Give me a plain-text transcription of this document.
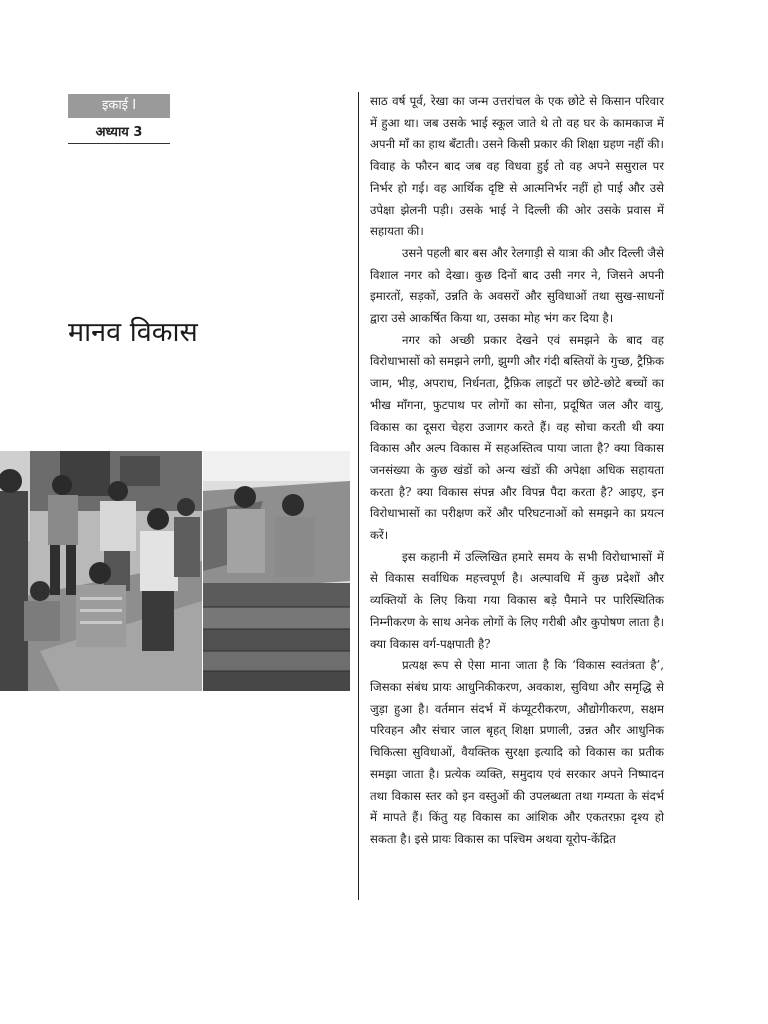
इकाई I
अध्याय 3
मानव विकास

साठ वर्ष पूर्व, रेखा का जन्म उत्तरांचल के एक छोटे से किसान परिवार में हुआ था। जब उसके भाई स्कूल जाते थे तो वह घर के कामकाज में अपनी माँ का हाथ बँटाती। उसने किसी प्रकार की शिक्षा ग्रहण नहीं की। विवाह के फौरन बाद जब वह विधवा हुई तो वह अपने ससुराल पर निर्भर हो गई। वह आर्थिक दृष्टि से आत्मनिर्भर नहीं हो पाई और उसे उपेक्षा झेलनी पड़ी। उसके भाई ने दिल्ली की ओर उसके प्रवास में सहायता की।

उसने पहली बार बस और रेलगाड़ी से यात्रा की और दिल्ली जैसे विशाल नगर को देखा। कुछ दिनों बाद उसी नगर ने, जिसने अपनी इमारतों, सड़कों, उन्नति के अवसरों और सुविधाओं तथा सुख-साधनों द्वारा उसे आकर्षित किया था, उसका मोह भंग कर दिया है।

नगर को अच्छी प्रकार देखने एवं समझने के बाद वह विरोधाभासों को समझने लगी, झुग्गी और गंदी बस्तियों के गुच्छ, ट्रैफ़िक जाम, भीड़, अपराध, निर्धनता, ट्रैफ़िक लाइटों पर छोटे-छोटे बच्चों का भीख माँगना, फुटपाथ पर लोगों का सोना, प्रदूषित जल और वायु, विकास का दूसरा चेहरा उजागर करते हैं। वह सोचा करती थी क्या विकास और अल्प विकास में सहअस्तित्व पाया जाता है? क्या विकास जनसंख्या के कुछ खंडों को अन्य खंडों की अपेक्षा अधिक सहायता करता है? क्या विकास संपन्न और विपन्न पैदा करता है? आइए, इन विरोधाभासों का परीक्षण करें और परिघटनाओं को समझने का प्रयत्न करें।

इस कहानी में उल्लिखित हमारे समय के सभी विरोधाभासों में से विकास सर्वाधिक महत्त्वपूर्ण है। अल्पावधि में कुछ प्रदेशों और व्यक्तियों के लिए किया गया विकास बड़े पैमाने पर पारिस्थितिक निम्नीकरण के साथ अनेक लोगों के लिए गरीबी और कुपोषण लाता है। क्या विकास वर्ग-पक्षपाती है?

प्रत्यक्ष रूप से ऐसा माना जाता है कि ‘विकास स्वतंत्रता है’, जिसका संबंध प्रायः आधुनिकीकरण, अवकाश, सुविधा और समृद्धि से जुड़ा हुआ है। वर्तमान संदर्भ में कंप्यूटरीकरण, औद्योगीकरण, सक्षम परिवहन और संचार जाल बृहत् शिक्षा प्रणाली, उन्नत और आधुनिक चिकित्सा सुविधाओं, वैयक्तिक सुरक्षा इत्यादि को विकास का प्रतीक समझा जाता है। प्रत्येक व्यक्ति, समुदाय एवं सरकार अपने निष्पादन तथा विकास स्तर को इन वस्तुओं की उपलब्धता तथा गम्यता के संदर्भ में मापते हैं। किंतु यह विकास का आंशिक और एकतरफ़ा दृश्य हो सकता है। इसे प्रायः विकास का पश्चिम अथवा यूरोप-केंद्रित
